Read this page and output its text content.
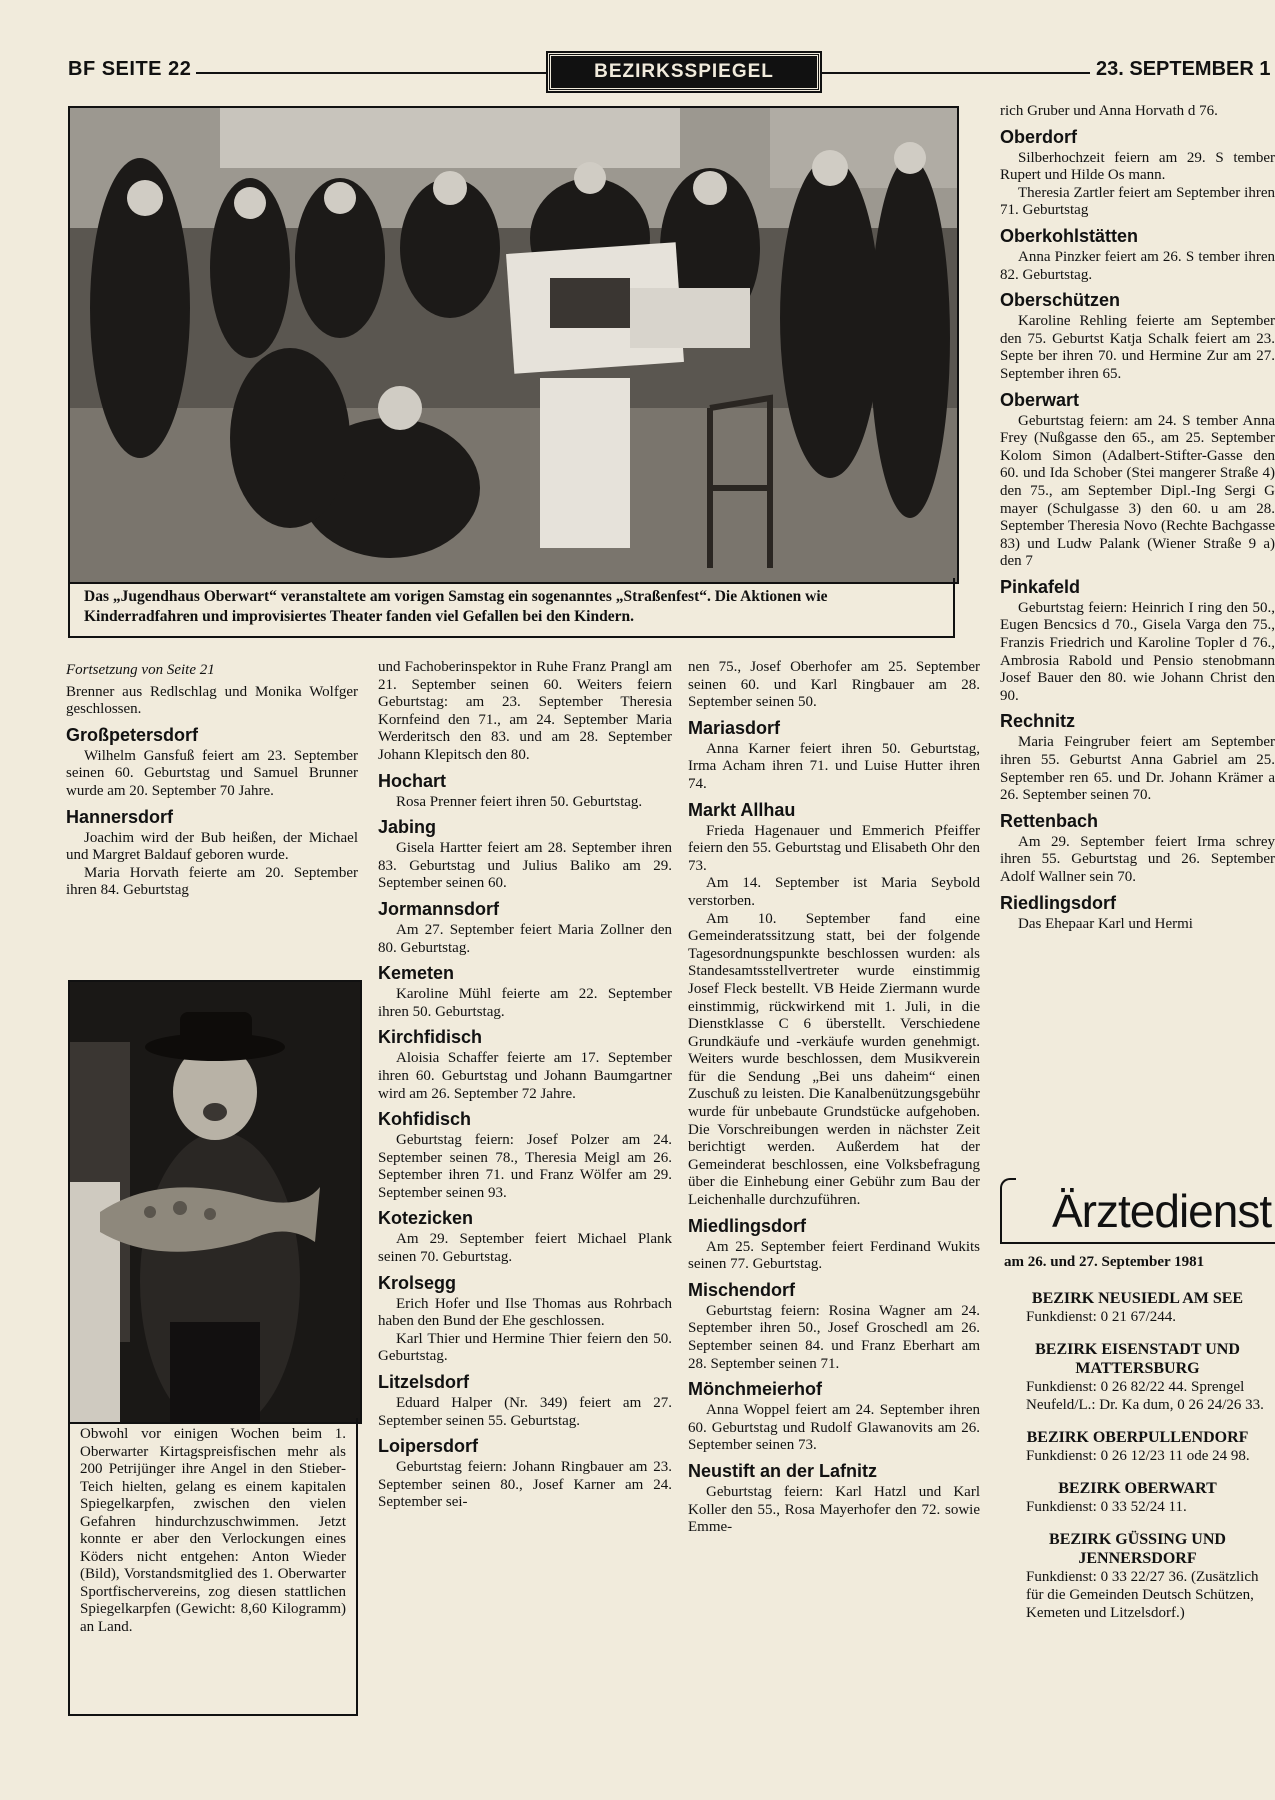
BF SEITE 22	BEZIRKSSPIEGEL	23. SEPTEMBER 1
Das „Jugendhaus Oberwart“ veranstaltete am vorigen Samstag ein sogenanntes „Straßenfest“. Die Aktionen wie Kinderradfahren und improvisiertes Theater fanden viel Gefallen bei den Kindern.
Obwohl vor einigen Wochen beim 1. Oberwarter Kirtagspreisfischen mehr als 200 Petrijünger ihre Angel in den Stieber-Teich hielten, gelang es einem kapitalen Spiegelkarpfen, zwischen den vielen Gefahren hindurchzuschwimmen. Jetzt konnte er aber den Verlockungen eines Köders nicht entgehen: Anton Wieder (Bild), Vorstandsmitglied des 1. Oberwarter Sportfischervereins, zog diesen stattlichen Spiegelkarpfen (Gewicht: 8,60 Kilogramm) an Land.

Fortsetzung von Seite 21

Brenner aus Redlschlag und Monika Wolfger geschlossen.

Großpetersdorf

Wilhelm Gansfuß feiert am 23. September seinen 60. Geburtstag und Samuel Brunner wurde am 20. September 70 Jahre.

Hannersdorf

Joachim wird der Bub heißen, der Michael und Margret Baldauf geboren wurde.

Maria Horvath feierte am 20. September ihren 84. Geburtstag

und Fachoberinspektor in Ruhe Franz Prangl am 21. September seinen 60. Weiters feiern Geburtstag: am 23. September Theresia Kornfeind den 71., am 24. September Maria Werderitsch den 83. und am 28. September Johann Klepitsch den 80.

Hochart

Rosa Prenner feiert ihren 50. Geburtstag.

Jabing

Gisela Hartter feiert am 28. September ihren 83. Geburtstag und Julius Baliko am 29. September seinen 60.

Jormannsdorf

Am 27. September feiert Maria Zollner den 80. Geburtstag.

Kemeten

Karoline Mühl feierte am 22. September ihren 50. Geburtstag.

Kirchfidisch

Aloisia Schaffer feierte am 17. September ihren 60. Geburtstag und Johann Baumgartner wird am 26. September 72 Jahre.

Kohfidisch

Geburtstag feiern: Josef Polzer am 24. September seinen 78., Theresia Meigl am 26. September ihren 71. und Franz Wölfer am 29. September seinen 93.

Kotezicken

Am 29. September feiert Michael Plank seinen 70. Geburtstag.

Krolsegg

Erich Hofer und Ilse Thomas aus Rohrbach haben den Bund der Ehe geschlossen.

Karl Thier und Hermine Thier feiern den 50. Geburtstag.

Litzelsdorf

Eduard Halper (Nr. 349) feiert am 27. September seinen 55. Geburtstag.

Loipersdorf

Geburtstag feiern: Johann Ringbauer am 23. September seinen 80., Josef Karner am 24. September sei-

nen 75., Josef Oberhofer am 25. September seinen 60. und Karl Ringbauer am 28. September seinen 50.

Mariasdorf

Anna Karner feiert ihren 50. Geburtstag, Irma Acham ihren 71. und Luise Hutter ihren 74.

Markt Allhau

Frieda Hagenauer und Emmerich Pfeiffer feiern den 55. Geburtstag und Elisabeth Ohr den 73.

Am 14. September ist Maria Seybold verstorben.

Am 10. September fand eine Gemeinderatssitzung statt, bei der folgende Tagesordnungspunkte beschlossen wurden: als Standesamtsstellvertreter wurde einstimmig Josef Fleck bestellt. VB Heide Ziermann wurde einstimmig, rückwirkend mit 1. Juli, in die Dienstklasse C 6 überstellt. Verschiedene Grundkäufe und -verkäufe wurden genehmigt. Weiters wurde beschlossen, dem Musikverein für die Sendung „Bei uns daheim“ einen Zuschuß zu leisten. Die Kanalbenützungsgebühr wurde für unbebaute Grundstücke aufgehoben. Die Vorschreibungen werden in nächster Zeit berichtigt werden. Außerdem hat der Gemeinderat beschlossen, eine Volksbefragung über die Einhebung einer Gebühr zum Bau der Leichenhalle durchzuführen.

Miedlingsdorf

Am 25. September feiert Ferdinand Wukits seinen 77. Geburtstag.

Mischendorf

Geburtstag feiern: Rosina Wagner am 24. September ihren 50., Josef Groschedl am 26. September seinen 84. und Franz Eberhart am 28. September seinen 71.

Mönchmeierhof

Anna Woppel feiert am 24. September ihren 60. Geburtstag und Rudolf Glawanovits am 26. September seinen 73.

Neustift an der Lafnitz

Geburtstag feiern: Karl Hatzl und Karl Koller den 55., Rosa Mayerhofer den 72. sowie Emme-

rich Gruber und Anna Horvath d 76.

Oberdorf

Silberhochzeit feiern am 29. S tember Rupert und Hilde Os mann.

Theresia Zartler feiert am September ihren 71. Geburtstag

Oberkohlstätten

Anna Pinzker feiert am 26. S tember ihren 82. Geburtstag.

Oberschützen

Karoline Rehling feierte am September den 75. Geburtst Katja Schalk feiert am 23. Septe ber ihren 70. und Hermine Zur am 27. September ihren 65.

Oberwart

Geburtstag feiern: am 24. S tember Anna Frey (Nußgasse den 65., am 25. September Kolom Simon (Adalbert-Stifter-Gasse den 60. und Ida Schober (Stei mangerer Straße 4) den 75., am September Dipl.-Ing Sergi G mayer (Schulgasse 3) den 60. u am 28. September Theresia Novo (Rechte Bachgasse 83) und Ludw Palank (Wiener Straße 9 a) den 7

Pinkafeld

Geburtstag feiern: Heinrich I ring den 50., Eugen Bencsics d 70., Gisela Varga den 75., Franzis Friedrich und Karoline Topler d 76., Ambrosia Rabold und Pensio stenobmann Josef Bauer den 80. wie Johann Christ den 90.

Rechnitz

Maria Feingruber feiert am September ihren 55. Geburtst Anna Gabriel am 25. September ren 65. und Dr. Johann Krämer a 26. September seinen 70.

Rettenbach

Am 29. September feiert Irma schrey ihren 55. Geburtstag und 26. September Adolf Wallner sein 70.

Riedlingsdorf

Das Ehepaar Karl und Hermi

Ärztedienst
am 26. und 27. September 1981
BEZIRK NEUSIEDL AM SEE
Funkdienst: 0 21 67/244.
BEZIRK EISENSTADT UND MATTERSBURG
Funkdienst: 0 26 82/22 44. Sprengel Neufeld/L.: Dr. Ka dum, 0 26 24/26 33.
BEZIRK OBERPULLENDORF
Funkdienst: 0 26 12/23 11 ode 24 98.
BEZIRK OBERWART
Funkdienst: 0 33 52/24 11.
BEZIRK GÜSSING UND JENNERSDORF
Funkdienst: 0 33 22/27 36. (Zusätzlich für die Gemeinden Deutsch Schützen, Kemeten und Litzelsdorf.)
